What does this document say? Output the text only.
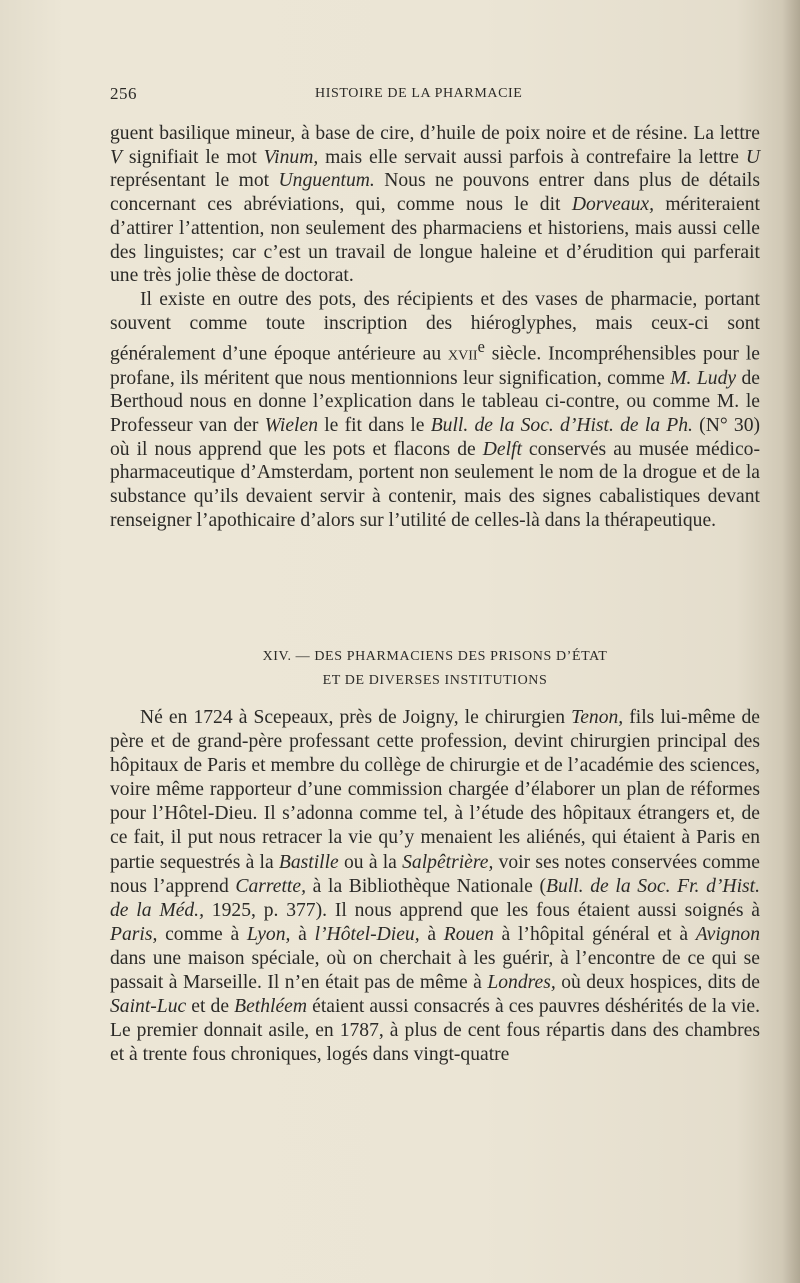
256	HISTOIRE DE LA PHARMACIE

guent basilique mineur, à base de cire, d’huile de poix noire et de résine. La lettre V signifiait le mot Vinum, mais elle servait aussi parfois à contrefaire la lettre U représentant le mot Unguentum. Nous ne pouvons entrer dans plus de détails concernant ces abréviations, qui, comme nous le dit Dorveaux, mériteraient d’attirer l’attention, non seulement des pharmaciens et historiens, mais aussi celle des linguistes; car c’est un travail de longue haleine et d’érudition qui parferait une très jolie thèse de doctorat.

Il existe en outre des pots, des récipients et des vases de pharmacie, portant souvent comme toute inscription des hiéroglyphes, mais ceux-ci sont généralement d’une époque antérieure au xvii$^e$ siècle. Incompréhensibles pour le profane, ils méritent que nous mentionnions leur signification, comme M. Ludy de Berthoud nous en donne l’explication dans le tableau ci-contre, ou comme M. le Professeur van der Wielen le fit dans le Bull. de la Soc. d’Hist. de la Ph. (N° 30) où il nous apprend que les pots et flacons de Delft conservés au musée médico-pharmaceutique d’Amsterdam, portent non seulement le nom de la drogue et de la substance qu’ils devaient servir à contenir, mais des signes cabalistiques devant renseigner l’apothicaire d’alors sur l’utilité de celles-là dans la thérapeutique.

XIV. — DES PHARMACIENS DES PRISONS D’ÉTAT
ET DE DIVERSES INSTITUTIONS

Né en 1724 à Scepeaux, près de Joigny, le chirurgien Tenon, fils lui-même de père et de grand-père professant cette profession, devint chirurgien principal des hôpitaux de Paris et membre du collège de chirurgie et de l’académie des sciences, voire même rapporteur d’une commission chargée d’élaborer un plan de réformes pour l’Hôtel-Dieu. Il s’adonna comme tel, à l’étude des hôpitaux étrangers et, de ce fait, il put nous retracer la vie qu’y menaient les aliénés, qui étaient à Paris en partie sequestrés à la Bastille ou à la Salpêtrière, voir ses notes conservées comme nous l’apprend Carrette, à la Bibliothèque Nationale (Bull. de la Soc. Fr. d’Hist. de la Méd., 1925, p. 377). Il nous apprend que les fous étaient aussi soignés à Paris, comme à Lyon, à l’Hôtel-Dieu, à Rouen à l’hôpital général et à Avignon dans une maison spéciale, où on cherchait à les guérir, à l’encontre de ce qui se passait à Marseille. Il n’en était pas de même à Londres, où deux hospices, dits de Saint-Luc et de Bethléem étaient aussi consacrés à ces pauvres déshérités de la vie. Le premier donnait asile, en 1787, à plus de cent fous répartis dans des chambres et à trente fous chroniques, logés dans vingt-quatre
